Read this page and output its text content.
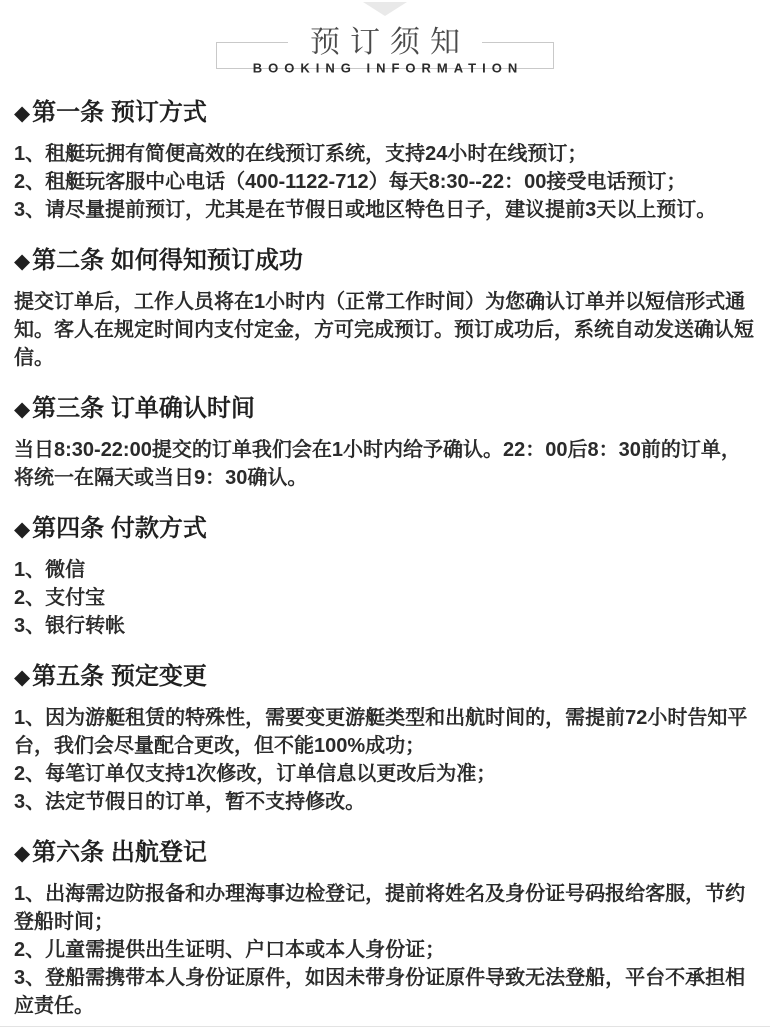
预订须知
BOOKING INFORMATION
◆ 第一条 预订方式

1、租艇玩拥有简便高效的在线预订系统，支持24小时在线预订；

2、租艇玩客服中心电话（400-1122-712）每天8:30--22：00接受电话预订；

3、请尽量提前预订，尤其是在节假日或地区特色日子，建议提前3天以上预订。

◆ 第二条 如何得知预订成功

提交订单后，工作人员将在1小时内（正常工作时间）为您确认订单并以短信形式通知。客人在规定时间内支付定金，方可完成预订。预订成功后，系统自动发送确认短信。

◆ 第三条 订单确认时间

当日8:30-22:00提交的订单我们会在1小时内给予确认。22：00后8：30前的订单，将统一在隔天或当日9：30确认。

◆ 第四条 付款方式

1、微信

2、支付宝

3、银行转帐

◆ 第五条 预定变更

1、因为游艇租赁的特殊性，需要变更游艇类型和出航时间的，需提前72小时告知平台，我们会尽量配合更改，但不能100%成功；

2、每笔订单仅支持1次修改，订单信息以更改后为准；

3、法定节假日的订单，暂不支持修改。

◆ 第六条 出航登记

1、出海需边防报备和办理海事边检登记，提前将姓名及身份证号码报给客服，节约登船时间；

2、儿童需提供出生证明、户口本或本人身份证；

3、登船需携带本人身份证原件，如因未带身份证原件导致无法登船，平台不承担相应责任。
